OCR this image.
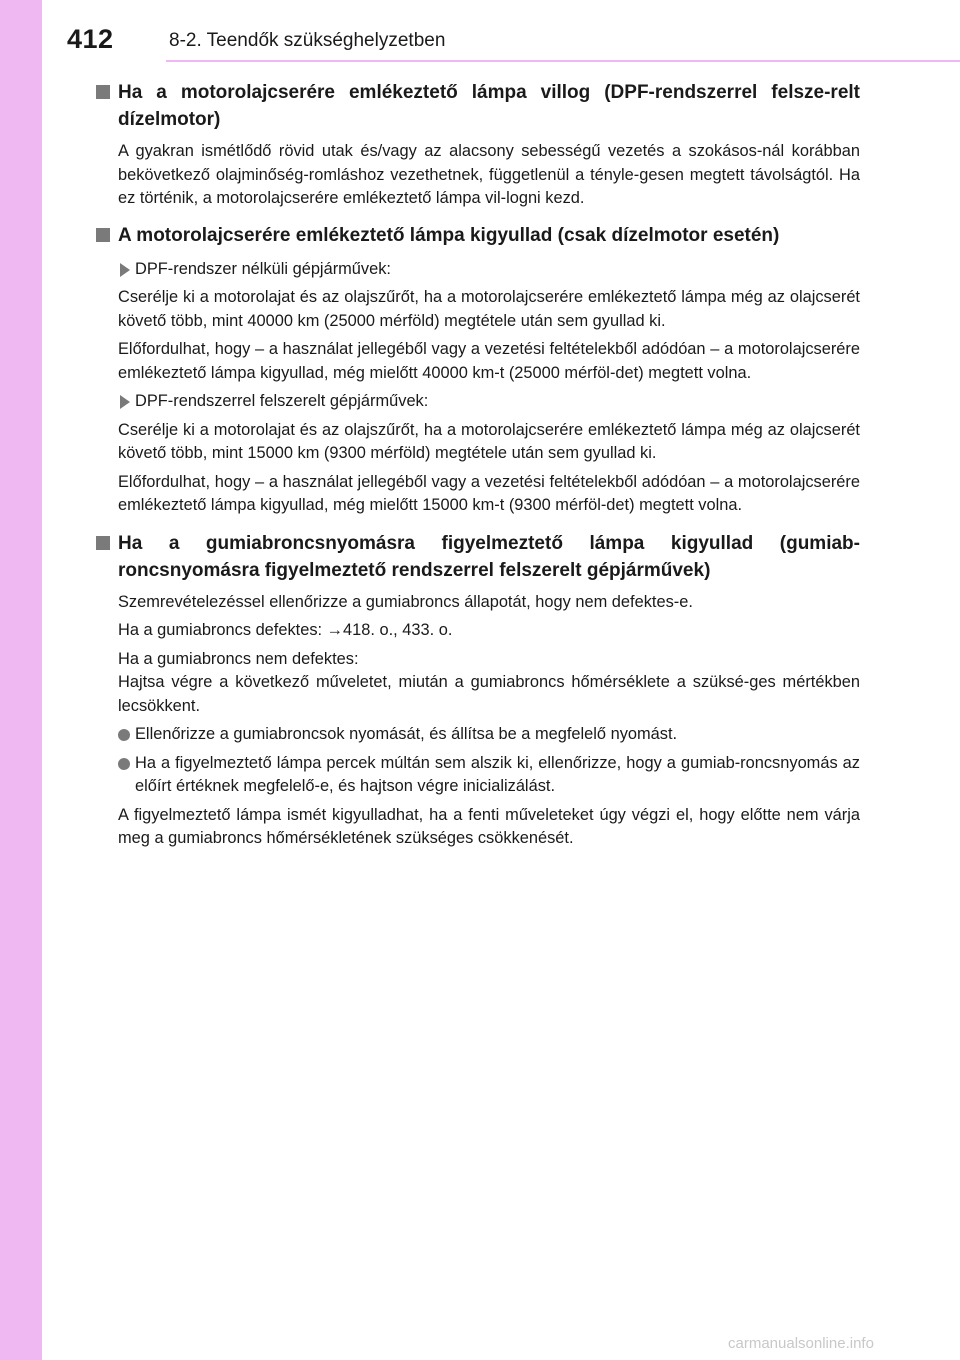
412	8-2. Teendők szükséghelyzetben
Ha a motorolajcserére emlékeztető lámpa villog (DPF-rendszerrel felsze-relt dízelmotor)
A gyakran ismétlődő rövid utak és/vagy az alacsony sebességű vezetés a szokásos-nál korábban bekövetkező olajminőség-romláshoz vezethetnek, függetlenül a tényle-gesen megtett távolságtól. Ha ez történik, a motorolajcserére emlékeztető lámpa vil-logni kezd.
A motorolajcserére emlékeztető lámpa kigyullad (csak dízelmotor esetén)
DPF-rendszer nélküli gépjárművek:
Cserélje ki a motorolajat és az olajszűrőt, ha a motorolajcserére emlékeztető lámpa még az olajcserét követő több, mint 40000 km (25000 mérföld) megtétele után sem gyullad ki.
Előfordulhat, hogy – a használat jellegéből vagy a vezetési feltételekből adódóan – a motorolajcserére emlékeztető lámpa kigyullad, még mielőtt 40000 km-t (25000 mérföl-det) megtett volna.
DPF-rendszerrel felszerelt gépjárművek:
Cserélje ki a motorolajat és az olajszűrőt, ha a motorolajcserére emlékeztető lámpa még az olajcserét követő több, mint 15000 km (9300 mérföld) megtétele után sem gyullad ki.
Előfordulhat, hogy – a használat jellegéből vagy a vezetési feltételekből adódóan – a motorolajcserére emlékeztető lámpa kigyullad, még mielőtt 15000 km-t (9300 mérföl-det) megtett volna.
Ha a gumiabroncsnyomásra figyelmeztető lámpa kigyullad (gumiab-roncsnyomásra figyelmeztető rendszerrel felszerelt gépjárművek)
Szemrevételezéssel ellenőrizze a gumiabroncs állapotát, hogy nem defektes-e.
Ha a gumiabroncs defektes: →418. o., 433. o.
Ha a gumiabroncs nem defektes:
Hajtsa végre a következő műveletet, miután a gumiabroncs hőmérséklete a szüksé-ges mértékben lecsökkent.
Ellenőrizze a gumiabroncsok nyomását, és állítsa be a megfelelő nyomást.
Ha a figyelmeztető lámpa percek múltán sem alszik ki, ellenőrizze, hogy a gumiab-roncsnyomás az előírt értéknek megfelelő-e, és hajtson végre inicializálást.
A figyelmeztető lámpa ismét kigyulladhat, ha a fenti műveleteket úgy végzi el, hogy előtte nem várja meg a gumiabroncs hőmérsékletének szükséges csökkenését.
carmanualsonline.info
